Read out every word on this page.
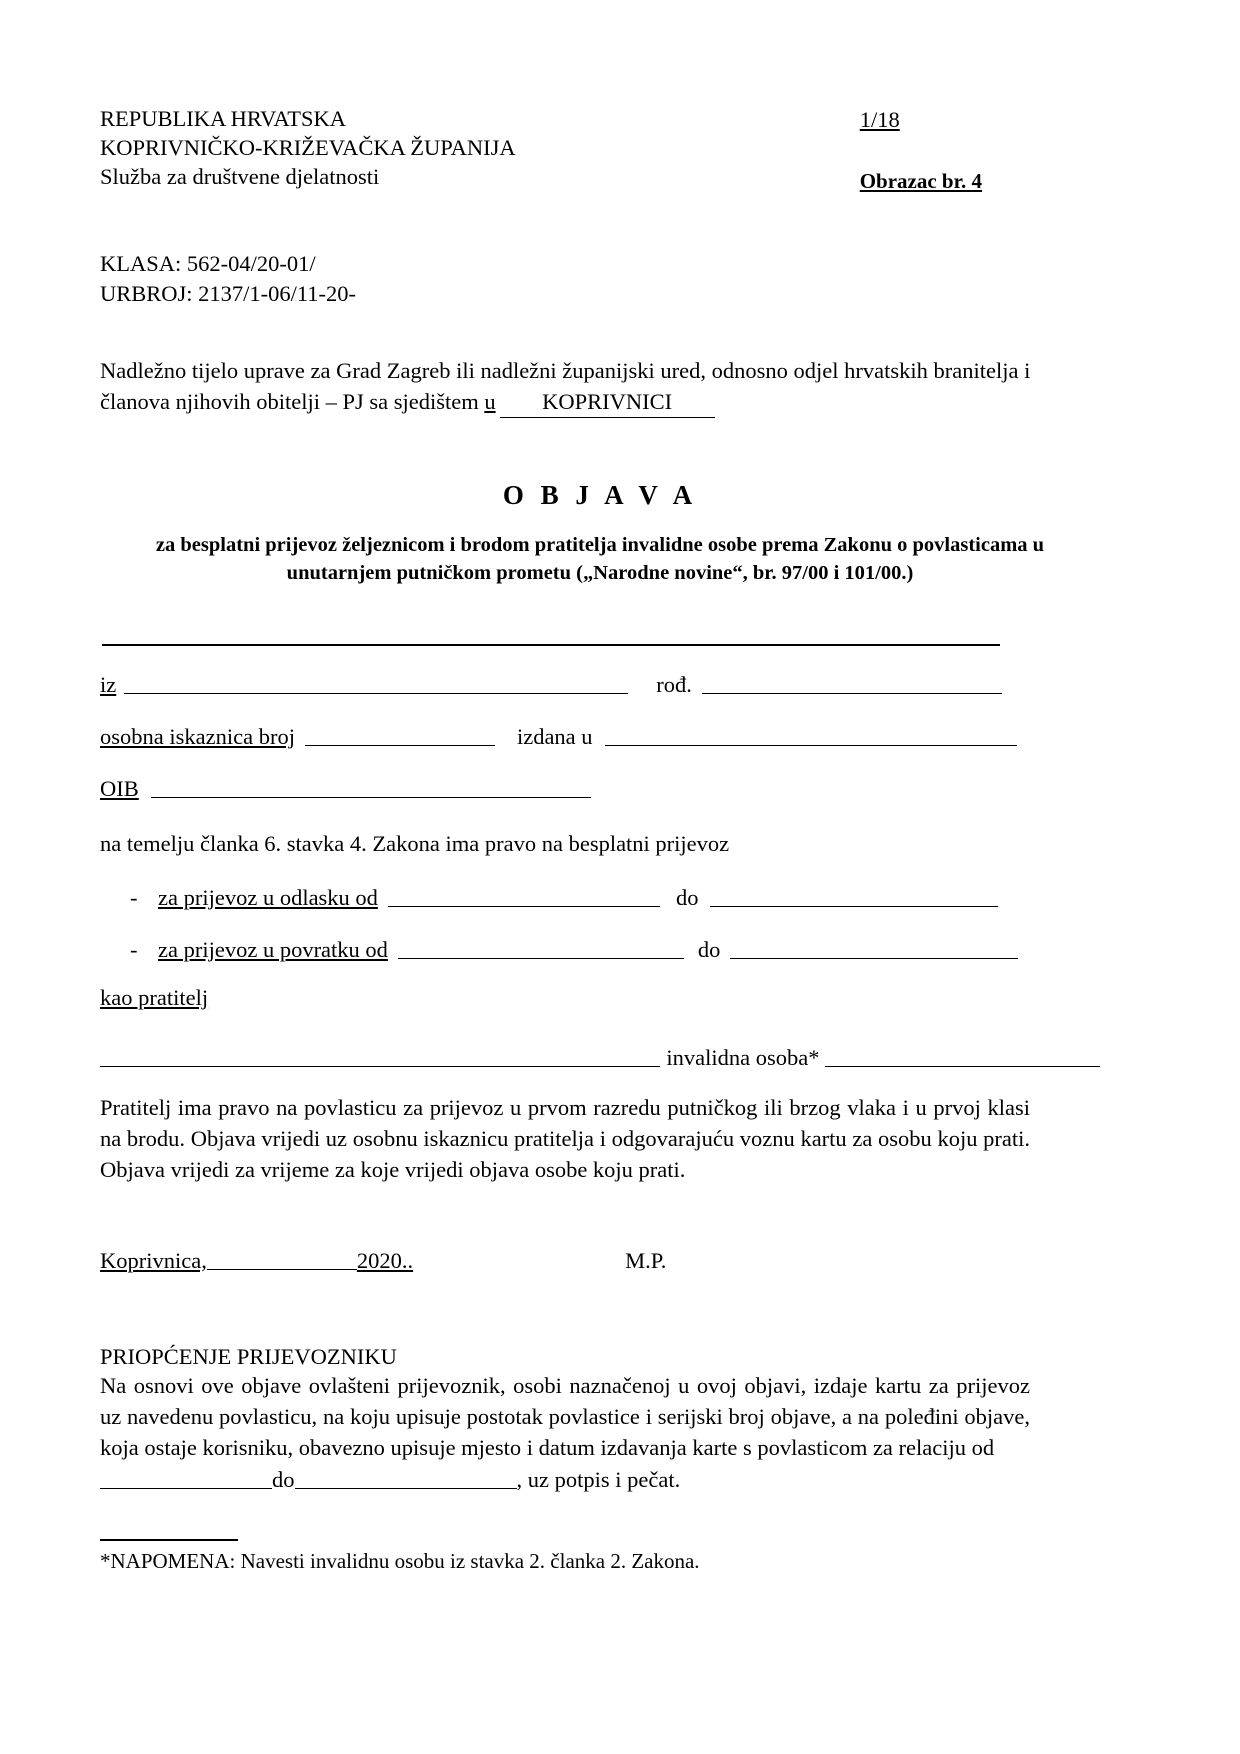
REPUBLIKA HRVATSKA
KOPRIVNIČKO-KRIŽEVAČKA ŽUPANIJA
Služba za društvene djelatnosti
1/18
Obrazac br. 4
KLASA: 562-04/20-01/
URBROJ: 2137/1-06/11-20-
Nadležno tijelo uprave za Grad Zagreb ili nadležni županijski ured, odnosno odjel hrvatskih branitelja i članova njihovih obitelji – PJ sa sjedištem u KOPRIVNICI
O B J A V A
za besplatni prijevoz željeznicom i brodom pratitelja invalidne osobe prema Zakonu o povlasticama u unutarnjem putničkom prometu („Narodne novine“, br. 97/00 i 101/00.)
iz	rođ.
osobna iskaznica broj	izdana u
OIB
na temelju članka 6. stavka 4. Zakona ima pravo na besplatni prijevoz
- za prijevoz u odlasku od	do
- za prijevoz u povratku od	do
kao pratitelj
invalidna osoba*
Pratitelj ima pravo na povlasticu za prijevoz u prvom razredu putničkog ili brzog vlaka i u prvoj klasi na brodu. Objava vrijedi uz osobnu iskaznicu pratitelja i odgovarajuću voznu kartu za osobu koju prati. Objava vrijedi za vrijeme za koje vrijedi objava osobe koju prati.
Koprivnica,	2020..	M.P.
PRIOPĆENJE PRIJEVOZNIKU
Na osnovi ove objave ovlašteni prijevoznik, osobi naznačenoj u ovoj objavi, izdaje kartu za prijevoz uz navedenu povlasticu, na koju upisuje postotak povlastice i serijski broj objave, a na poleđini objave, koja ostaje korisniku, obavezno upisuje mjesto i datum izdavanja karte s povlasticom za relaciju od
do	, uz potpis i pečat.
*NAPOMENA: Navesti invalidnu osobu iz stavka 2. članka 2. Zakona.
